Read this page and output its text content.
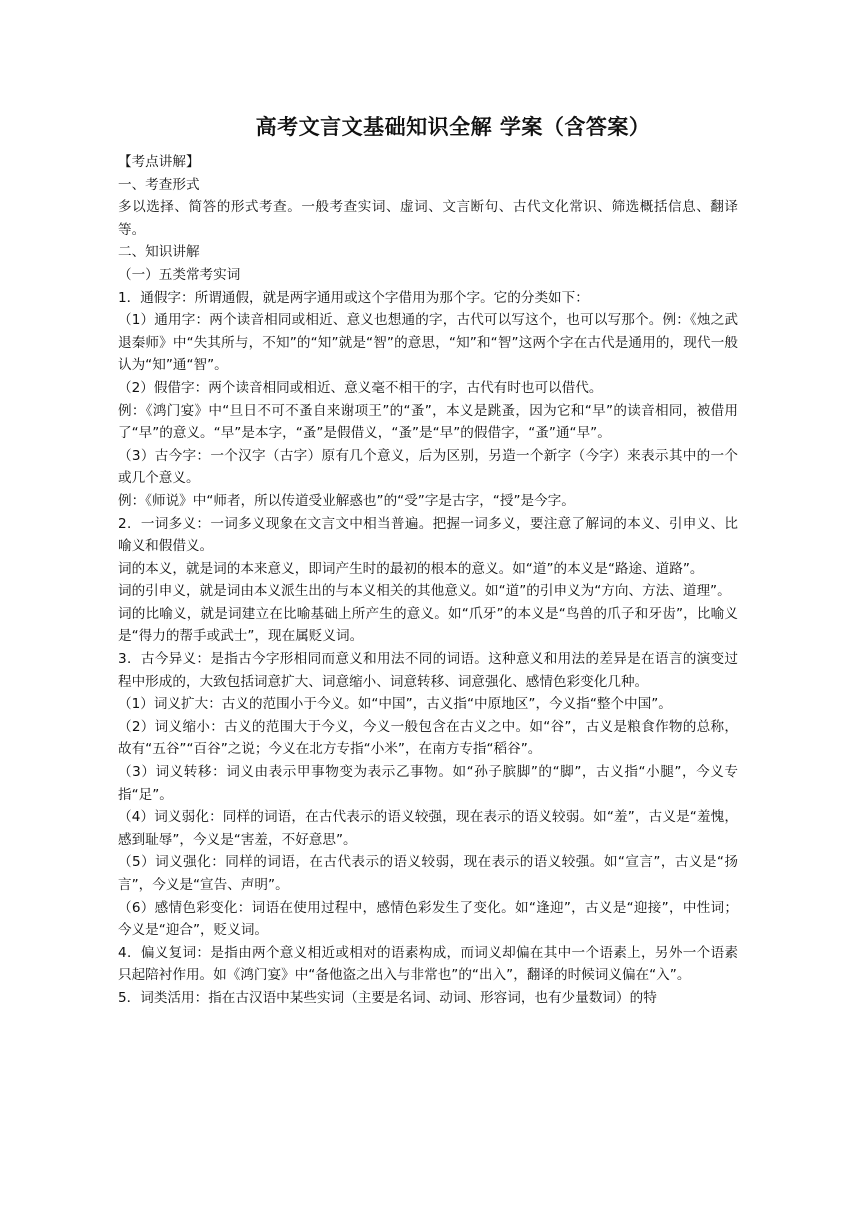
高考文言文基础知识全解 学案（含答案）

【考点讲解】

一、考查形式

多以选择、简答的形式考查。一般考查实词、虚词、文言断句、古代文化常识、筛选概括信息、翻译等。

二、知识讲解

（一）五类常考实词

1．通假字：所谓通假，就是两字通用或这个字借用为那个字。它的分类如下：

（1）通用字：两个读音相同或相近、意义也想通的字，古代可以写这个，也可以写那个。例：《烛之武退秦师》中“失其所与，不知”的“知”就是“智”的意思，“知”和“智”这两个字在古代是通用的，现代一般认为“知”通“智”。

（2）假借字：两个读音相同或相近、意义毫不相干的字，古代有时也可以借代。

例：《鸿门宴》中“旦日不可不蚤自来谢项王”的“蚤”，本义是跳蚤，因为它和“早”的读音相同，被借用了“早”的意义。“早”是本字，“蚤”是假借义，“蚤”是“早”的假借字，“蚤”通“早”。

（3）古今字：一个汉字（古字）原有几个意义，后为区别，另造一个新字（今字）来表示其中的一个或几个意义。

例：《师说》中“师者，所以传道受业解惑也”的“受”字是古字，“授”是今字。

2．一词多义：一词多义现象在文言文中相当普遍。把握一词多义，要注意了解词的本义、引申义、比喻义和假借义。

词的本义，就是词的本来意义，即词产生时的最初的根本的意义。如“道”的本义是“路途、道路”。

词的引申义，就是词由本义派生出的与本义相关的其他意义。如“道”的引申义为“方向、方法、道理”。

词的比喻义，就是词建立在比喻基础上所产生的意义。如“爪牙”的本义是“鸟兽的爪子和牙齿”，比喻义是“得力的帮手或武士”，现在属贬义词。

3．古今异义：是指古今字形相同而意义和用法不同的词语。这种意义和用法的差异是在语言的演变过程中形成的，大致包括词意扩大、词意缩小、词意转移、词意强化、感情色彩变化几种。

（1）词义扩大：古义的范围小于今义。如“中国”，古义指“中原地区”，今义指“整个中国”。

（2）词义缩小：古义的范围大于今义，今义一般包含在古义之中。如“谷”，古义是粮食作物的总称，故有“五谷”“百谷”之说；今义在北方专指“小米”，在南方专指“稻谷”。

（3）词义转移：词义由表示甲事物变为表示乙事物。如“孙子膑脚”的“脚”，古义指“小腿”，今义专指“足”。

（4）词义弱化：同样的词语，在古代表示的语义较强，现在表示的语义较弱。如“羞”，古义是“羞愧，感到耻辱”，今义是“害羞，不好意思”。

（5）词义强化：同样的词语，在古代表示的语义较弱，现在表示的语义较强。如“宣言”，古义是“扬言”，今义是“宣告、声明”。

（6）感情色彩变化：词语在使用过程中，感情色彩发生了变化。如“逢迎”，古义是“迎接”，中性词；今义是“迎合”，贬义词。

4．偏义复词：是指由两个意义相近或相对的语素构成，而词义却偏在其中一个语素上，另外一个语素只起陪衬作用。如《鸿门宴》中“备他盗之出入与非常也”的“出入”，翻译的时候词义偏在“入”。

5．词类活用：指在古汉语中某些实词（主要是名词、动词、形容词，也有少量数词）的特
